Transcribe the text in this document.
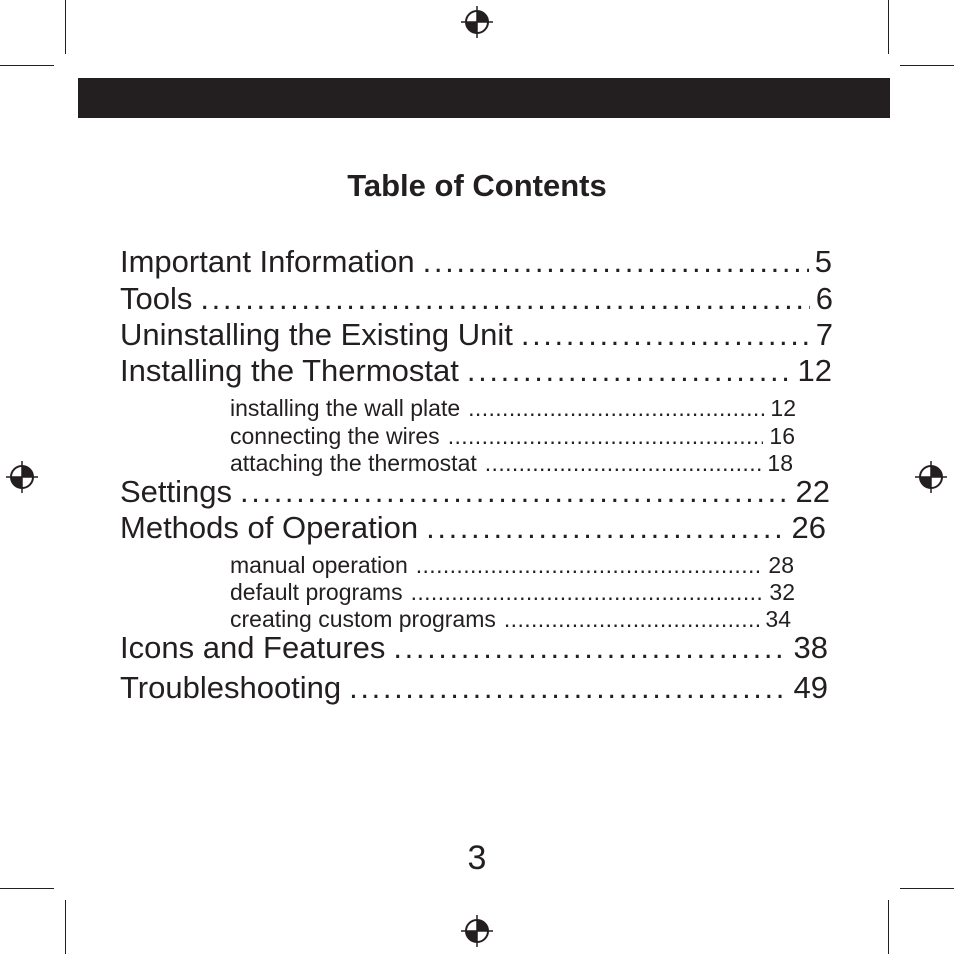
Table of Contents
Important Information . . .	5
Tools . . .	6
Uninstalling the Existing Unit . . .	7
Installing the Thermostat . . .	12
installing the wall plate . . .	12
connecting the wires . . .	16
attaching the thermostat . . .	18
Settings . . .	22
Methods of Operation . . .	26
manual operation . . .	28
default programs . . .	32
creating custom programs . . .	34
Icons and Features . . .	38
Troubleshooting . . .	49
3
